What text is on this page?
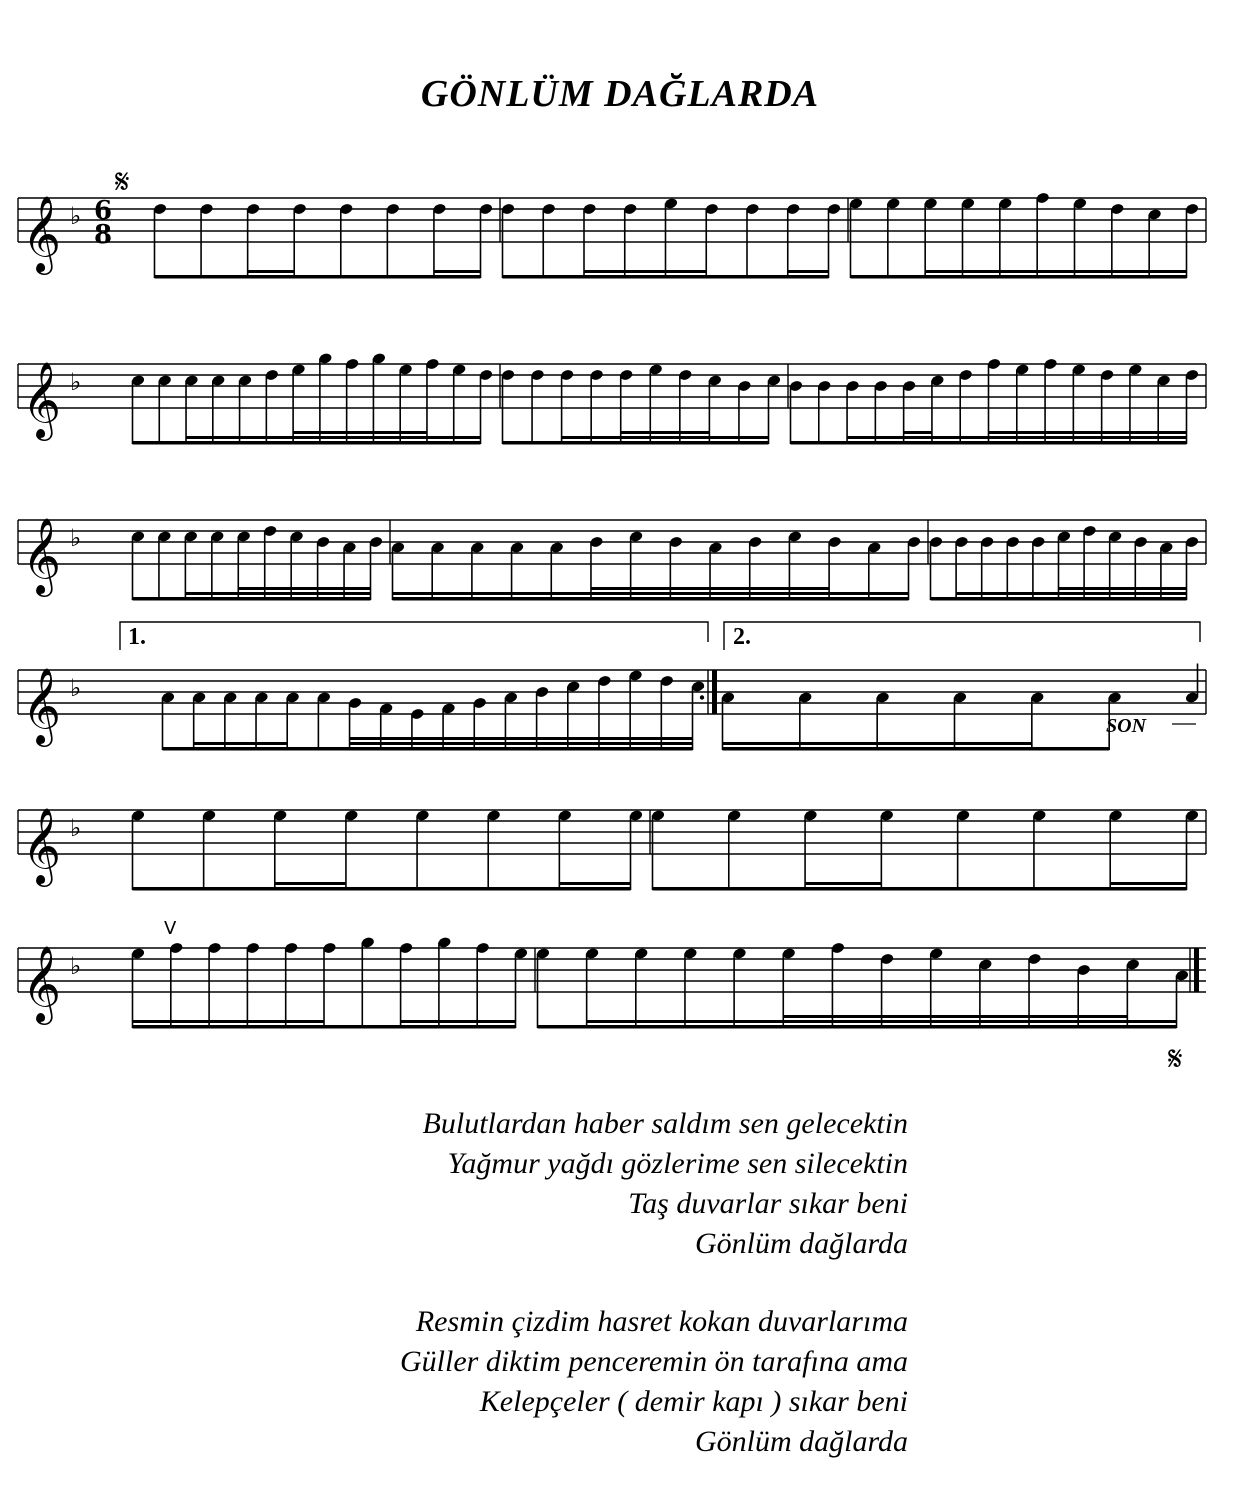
GÖNLÜM DAĞLARDA
𝄞 ♭ 6
8
𝄋
𝄞 ♭
𝄞 ♭
𝄞 ♭
1.	2.
SON
𝄞 ♭
𝄞 ♭
V
𝄋
Bulutlardan haber saldım sen gelecektin
Yağmur yağdı gözlerime sen silecektin
Taş duvarlar sıkar beni
Gönlüm dağlarda
Resmin çizdim hasret kokan duvarlarıma
Güller diktim penceremin ön tarafına ama
Kelepçeler ( demir kapı ) sıkar beni
Gönlüm dağlarda
